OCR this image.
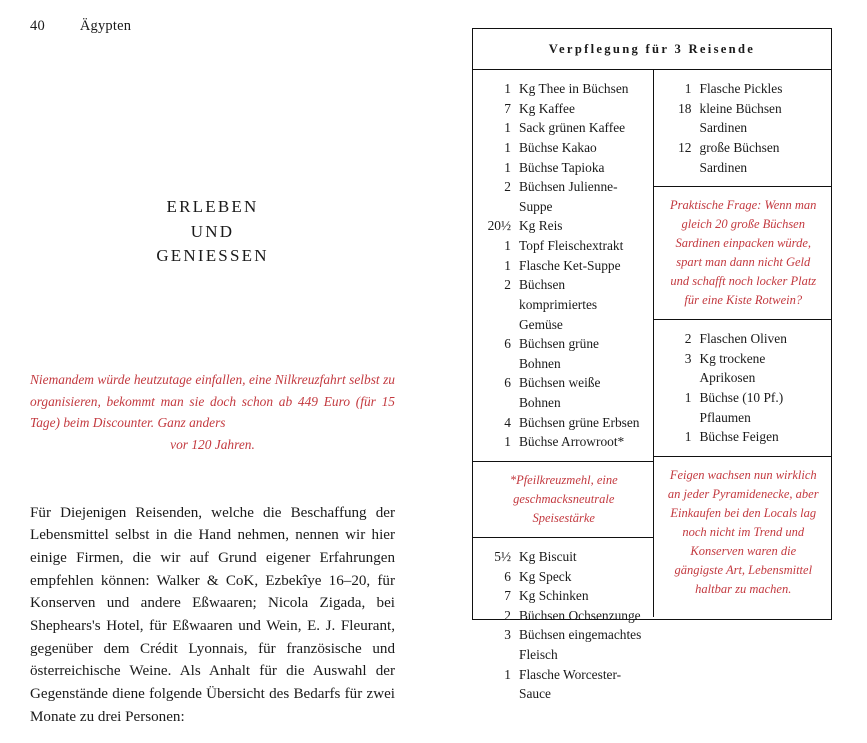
40 Ägypten
ERLEBEN
UND
GENIESSEN
Niemandem würde heutzutage einfallen, eine Nilkreuzfahrt selbst zu organisieren, bekommt man sie doch schon ab 449 Euro (für 15 Tage) beim Discounter. Ganz anders
vor 120 Jahren.

Für Diejenigen Reisenden, welche die Beschaffung der Lebensmittel selbst in die Hand nehmen, nennen wir hier einige Firmen, die wir auf Grund eigener Erfahrungen empfehlen können: Walker & CoK, Ezbekîye 16–20, für Konserven und andere Eßwaaren; Nicola Zigada, bei Shephears's Hotel, für Eßwaaren und Wein, E. J. Fleurant, gegenüber dem Crédit Lyonnais, für französische und österreichische Weine. Als Anhalt für die Auswahl der Gegenstände diene folgende Übersicht des Bedarfs für zwei Monate zu drei Personen:

Verpflegung für 3 Reisende
1 Kg Thee in Büchsen
7 Kg Kaffee
1 Sack grünen Kaffee
1 Büchse Kakao
1 Büchse Tapioka
2 Büchsen Julienne-Suppe
20½ Kg Reis
1 Topf Fleischextrakt
1 Flasche Ket-Suppe
2 Büchsen komprimiertes
Gemüse
6 Büchsen grüne Bohnen
6 Büchsen weiße Bohnen
4 Büchsen grüne Erbsen
1 Büchse Arrowroot*
*Pfeilkreuzmehl, eine geschmacksneutrale Speisestärke
5½ Kg Biscuit
6 Kg Speck
7 Kg Schinken
2 Büchsen Ochsenzunge
3 Büchsen eingemachtes
Fleisch
1 Flasche Worcester-Sauce
1 Flasche Pickles
18 kleine Büchsen
Sardinen
12 große Büchsen
Sardinen
Praktische Frage: Wenn man gleich 20 große Büchsen Sardinen einpacken würde, spart man dann nicht Geld und schafft noch locker Platz für eine Kiste Rotwein?
2 Flaschen Oliven
3 Kg trockene Aprikosen
1 Büchse (10 Pf.) Pflaumen
1 Büchse Feigen
Feigen wachsen nun wirklich an jeder Pyramidenecke, aber Einkaufen bei den Locals lag noch nicht im Trend und Konserven waren die gängigste Art, Lebensmittel haltbar zu machen.
